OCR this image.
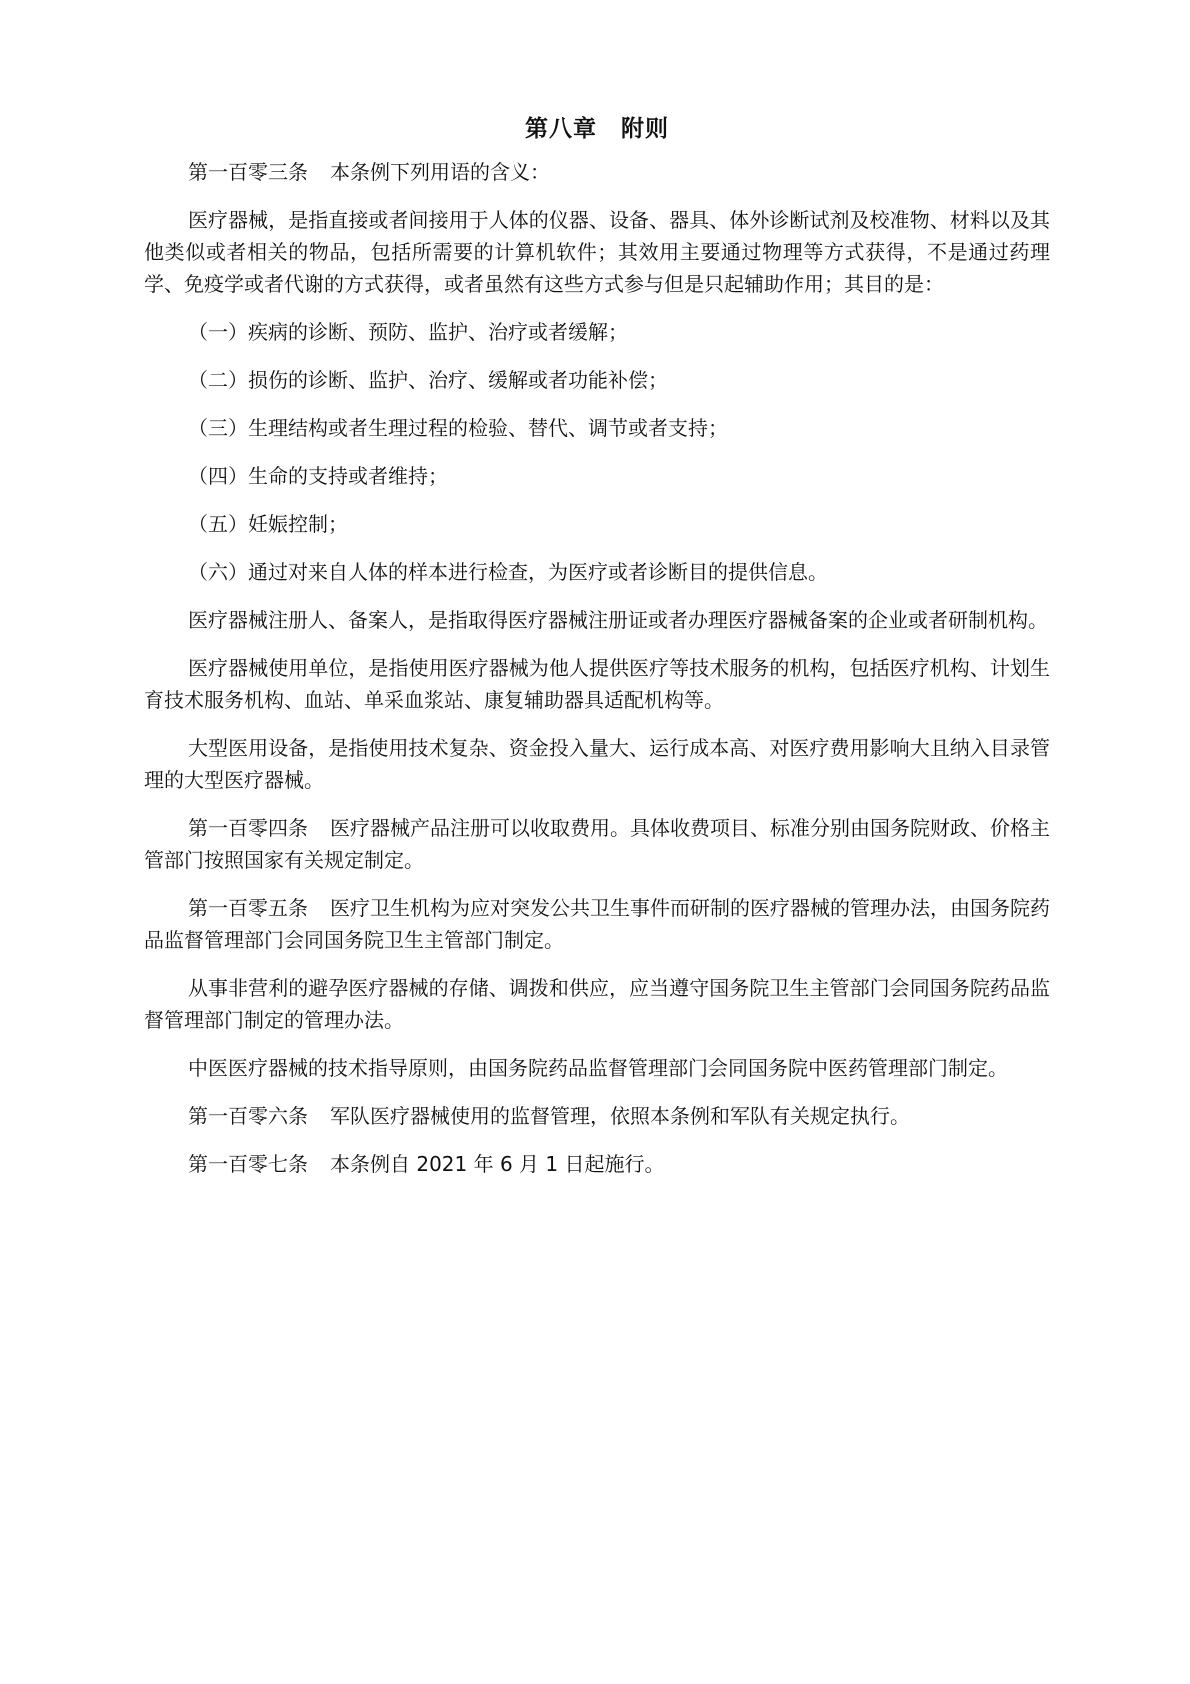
第八章 附则

第一百零三条 本条例下列用语的含义：

医疗器械，是指直接或者间接用于人体的仪器、设备、器具、体外诊断试剂及校准物、材料以及其他类似或者相关的物品，包括所需要的计算机软件；其效用主要通过物理等方式获得，不是通过药理学、免疫学或者代谢的方式获得，或者虽然有这些方式参与但是只起辅助作用；其目的是：

（一）疾病的诊断、预防、监护、治疗或者缓解；

（二）损伤的诊断、监护、治疗、缓解或者功能补偿；

（三）生理结构或者生理过程的检验、替代、调节或者支持；

（四）生命的支持或者维持；

（五）妊娠控制；

（六）通过对来自人体的样本进行检查，为医疗或者诊断目的提供信息。

医疗器械注册人、备案人，是指取得医疗器械注册证或者办理医疗器械备案的企业或者研制机构。

医疗器械使用单位，是指使用医疗器械为他人提供医疗等技术服务的机构，包括医疗机构、计划生育技术服务机构、血站、单采血浆站、康复辅助器具适配机构等。

大型医用设备，是指使用技术复杂、资金投入量大、运行成本高、对医疗费用影响大且纳入目录管理的大型医疗器械。

第一百零四条 医疗器械产品注册可以收取费用。具体收费项目、标准分别由国务院财政、价格主管部门按照国家有关规定制定。

第一百零五条 医疗卫生机构为应对突发公共卫生事件而研制的医疗器械的管理办法，由国务院药品监督管理部门会同国务院卫生主管部门制定。

从事非营利的避孕医疗器械的存储、调拨和供应，应当遵守国务院卫生主管部门会同国务院药品监督管理部门制定的管理办法。

中医医疗器械的技术指导原则，由国务院药品监督管理部门会同国务院中医药管理部门制定。

第一百零六条 军队医疗器械使用的监督管理，依照本条例和军队有关规定执行。

第一百零七条 本条例自 2021 年 6 月 1 日起施行。
